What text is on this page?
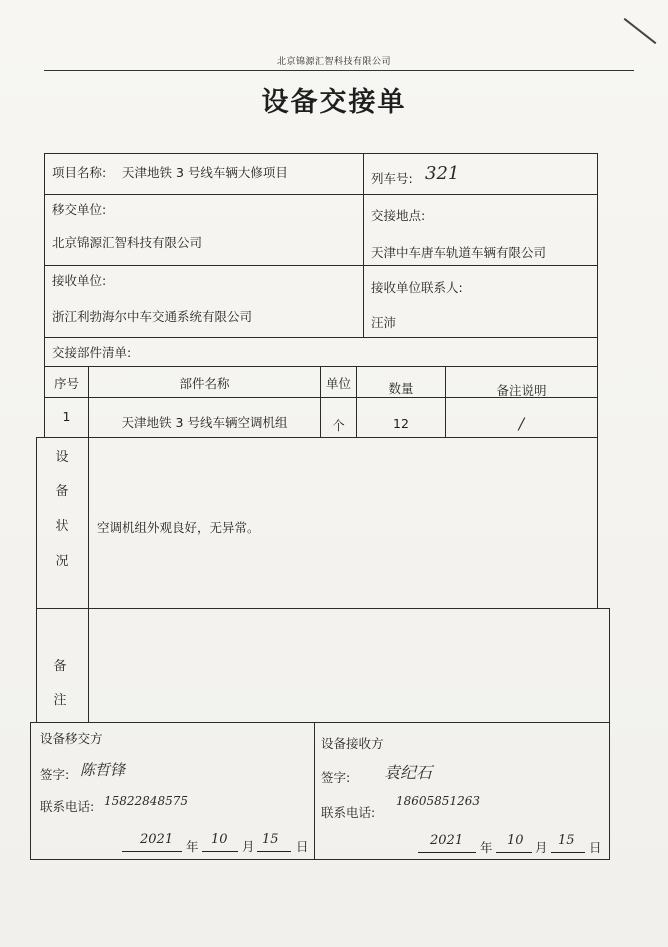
北京锦源汇智科技有限公司
设备交接单
项目名称: 天津地铁 3 号线车辆大修项目	列车号: 321
移交单位:
北京锦源汇智科技有限公司
交接地点:
天津中车唐车轨道车辆有限公司
接收单位:
浙江利勃海尔中车交通系统有限公司
接收单位联系人:
汪沛
交接部件清单:
序号	部件名称	单位	数量	备注说明
1	天津地铁 3 号线车辆空调机组	个	12	/
设
备
状
况
空调机组外观良好，无异常。
备
注
设备移交方
签字: 陈哲锋
联系电话: 15822848575
2021 年 10 月 15 日
设备接收方
签字: 袁纪石
联系电话:
18605851263
2021 年 10 月 15 日
